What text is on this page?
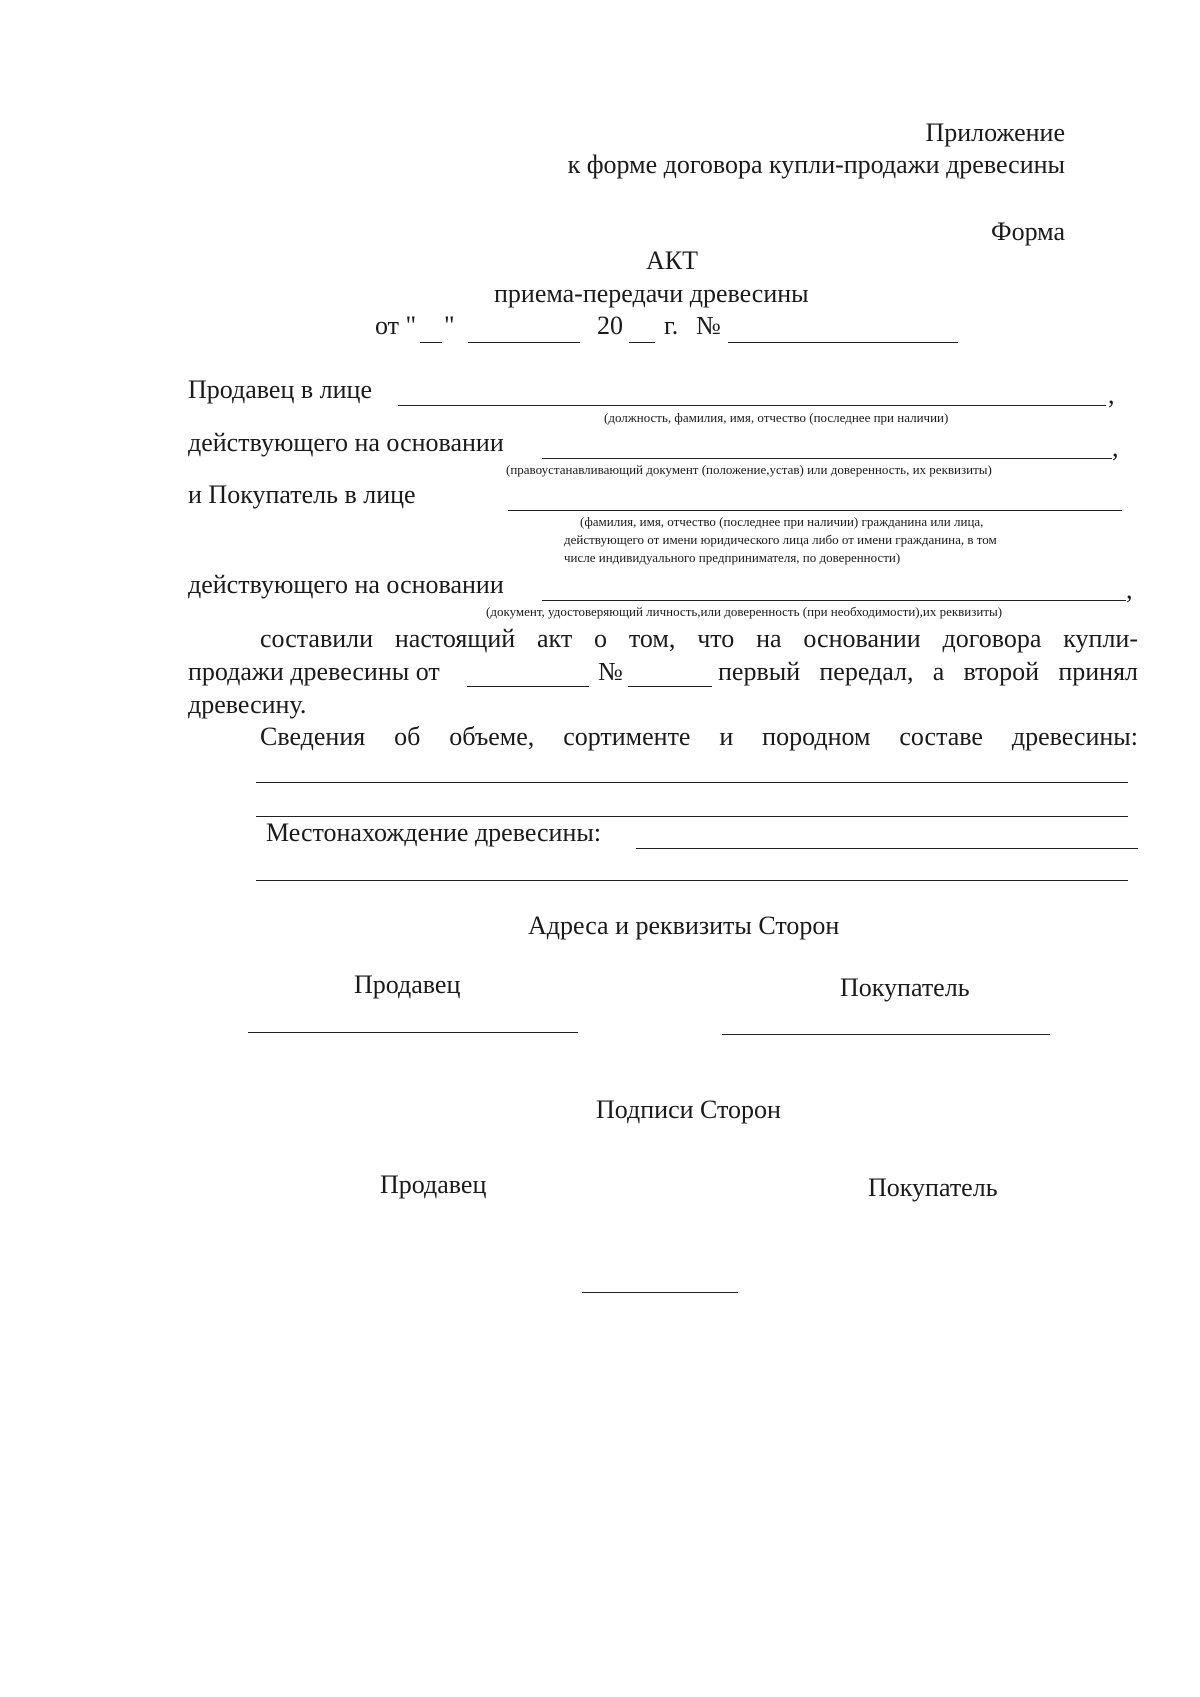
Приложение
к форме договора купли-продажи древесины
Форма
АКТ
приема-передачи древесины
от " "	20 г. №
Продавец в лице	,
(должность, фамилия, имя, отчество (последнее при наличии)
действующего на основании	,
(правоустанавливающий документ (положение,устав) или доверенность, их реквизиты)
и Покупатель в лице
(фамилия, имя, отчество (последнее при наличии) гражданина или лица,
действующего от имени юридического лица либо от имени гражданина, в том
числе индивидуального предпринимателя, по доверенности)
действующего на основании	,
(документ, удостоверяющий личность,или доверенность (при необходимости),их реквизиты)
составили настоящий акт о том, что на основании договора купли-
продажи древесины от	№	первый передал, а второй принял
древесину.
Сведения об объеме, сортименте и породном составе древесины:
Местонахождение древесины:
Адреса и реквизиты Сторон
Продавец	Покупатель
Подписи Сторон
Продавец	Покупатель
